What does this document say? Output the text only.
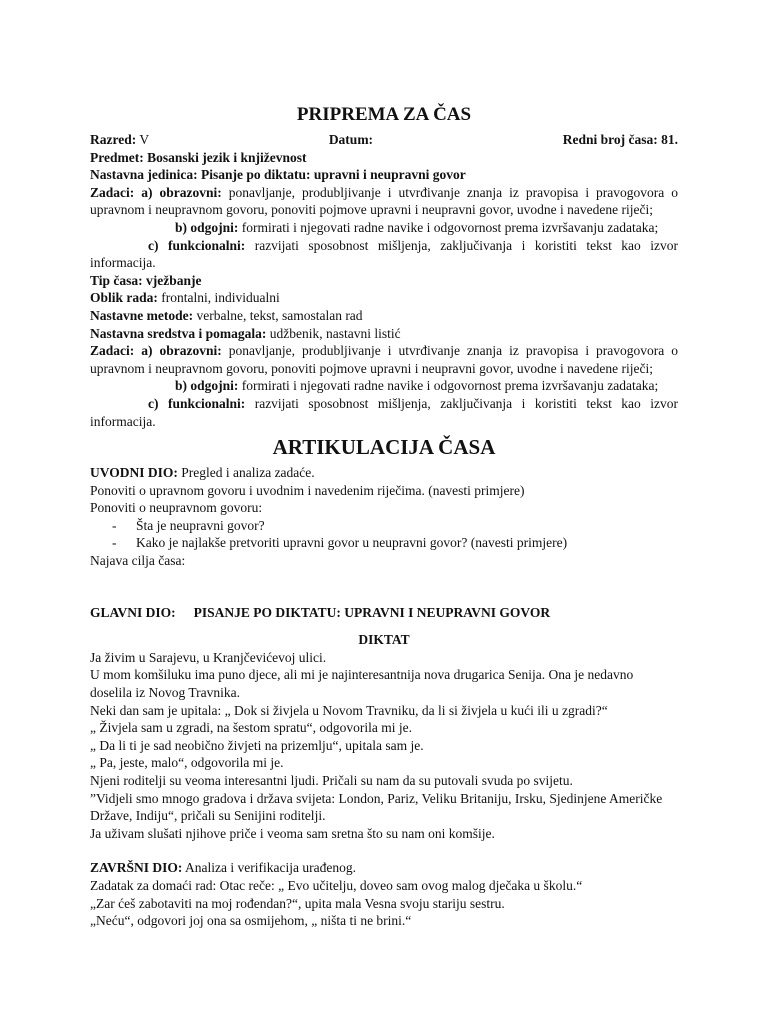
PRIPREMA ZA ČAS
Razred: V	Datum:	Redni broj časa: 81.
Predmet: Bosanski jezik i književnost
Nastavna jedinica: Pisanje po diktatu: upravni i neupravni govor
Zadaci: a) obrazovni: ponavljanje, produbljivanje i utvrđivanje znanja iz pravopisa i pravogovora o upravnom i neupravnom govoru, ponoviti pojmove upravni i neupravni govor, uvodne i navedene riječi;
b) odgojni: formirati i njegovati radne navike i odgovornost prema izvršavanju zadataka;
c) funkcionalni: razvijati sposobnost mišljenja, zaključivanja i koristiti tekst kao izvor informacija.
Tip časa: vježbanje
Oblik rada: frontalni, individualni
Nastavne metode: verbalne, tekst, samostalan rad
Nastavna sredstva i pomagala: udžbenik, nastavni listić
Zadaci: a) obrazovni: ponavljanje, produbljivanje i utvrđivanje znanja iz pravopisa i pravogovora o upravnom i neupravnom govoru, ponoviti pojmove upravni i neupravni govor, uvodne i navedene riječi;
b) odgojni: formirati i njegovati radne navike i odgovornost prema izvršavanju zadataka;
c) funkcionalni: razvijati sposobnost mišljenja, zaključivanja i koristiti tekst kao izvor informacija.
ARTIKULACIJA ČASA
UVODNI DIO: Pregled i analiza zadaće.
Ponoviti o upravnom govoru i uvodnim i navedenim riječima. (navesti primjere)
Ponoviti o neupravnom govoru:
-	Šta je neupravni govor?
-	Kako je najlakše pretvoriti upravni govor u neupravni govor? (navesti primjere)
Najava cilja časa:
GLAVNI DIO: PISANJE PO DIKTATU: UPRAVNI I NEUPRAVNI GOVOR
DIKTAT
Ja živim u Sarajevu, u Kranjčevićevoj ulici.
U mom komšiluku ima puno djece, ali mi je najinteresantnija nova drugarica Senija. Ona je nedavno doselila iz Novog Travnika.
Neki dan sam je upitala: „ Dok si živjela u Novom Travniku, da li si živjela u kući ili u zgradi?“
„ Živjela sam u zgradi, na šestom spratu“, odgovorila mi je.
„ Da li ti je sad neobično živjeti na prizemlju“, upitala sam je.
„ Pa, jeste, malo“, odgovorila mi je.
Njeni roditelji su veoma interesantni ljudi. Pričali su nam da su putovali svuda po svijetu.
”Vidjeli smo mnogo gradova i država svijeta: London, Pariz, Veliku Britaniju, Irsku, Sjedinjene Američke Države, Indiju“, pričali su Senijini roditelji.
Ja uživam slušati njihove priče i veoma sam sretna što su nam oni komšije.
ZAVRŠNI DIO: Analiza i verifikacija urađenog.
Zadatak za domaći rad: Otac reče: „ Evo učitelju, doveo sam ovog malog dječaka u školu.“
„Zar ćeš zabotaviti na moj rođendan?“, upita mala Vesna svoju stariju sestru.
„Neću“, odgovori joj ona sa osmijehom, „ ništa ti ne brini.“
